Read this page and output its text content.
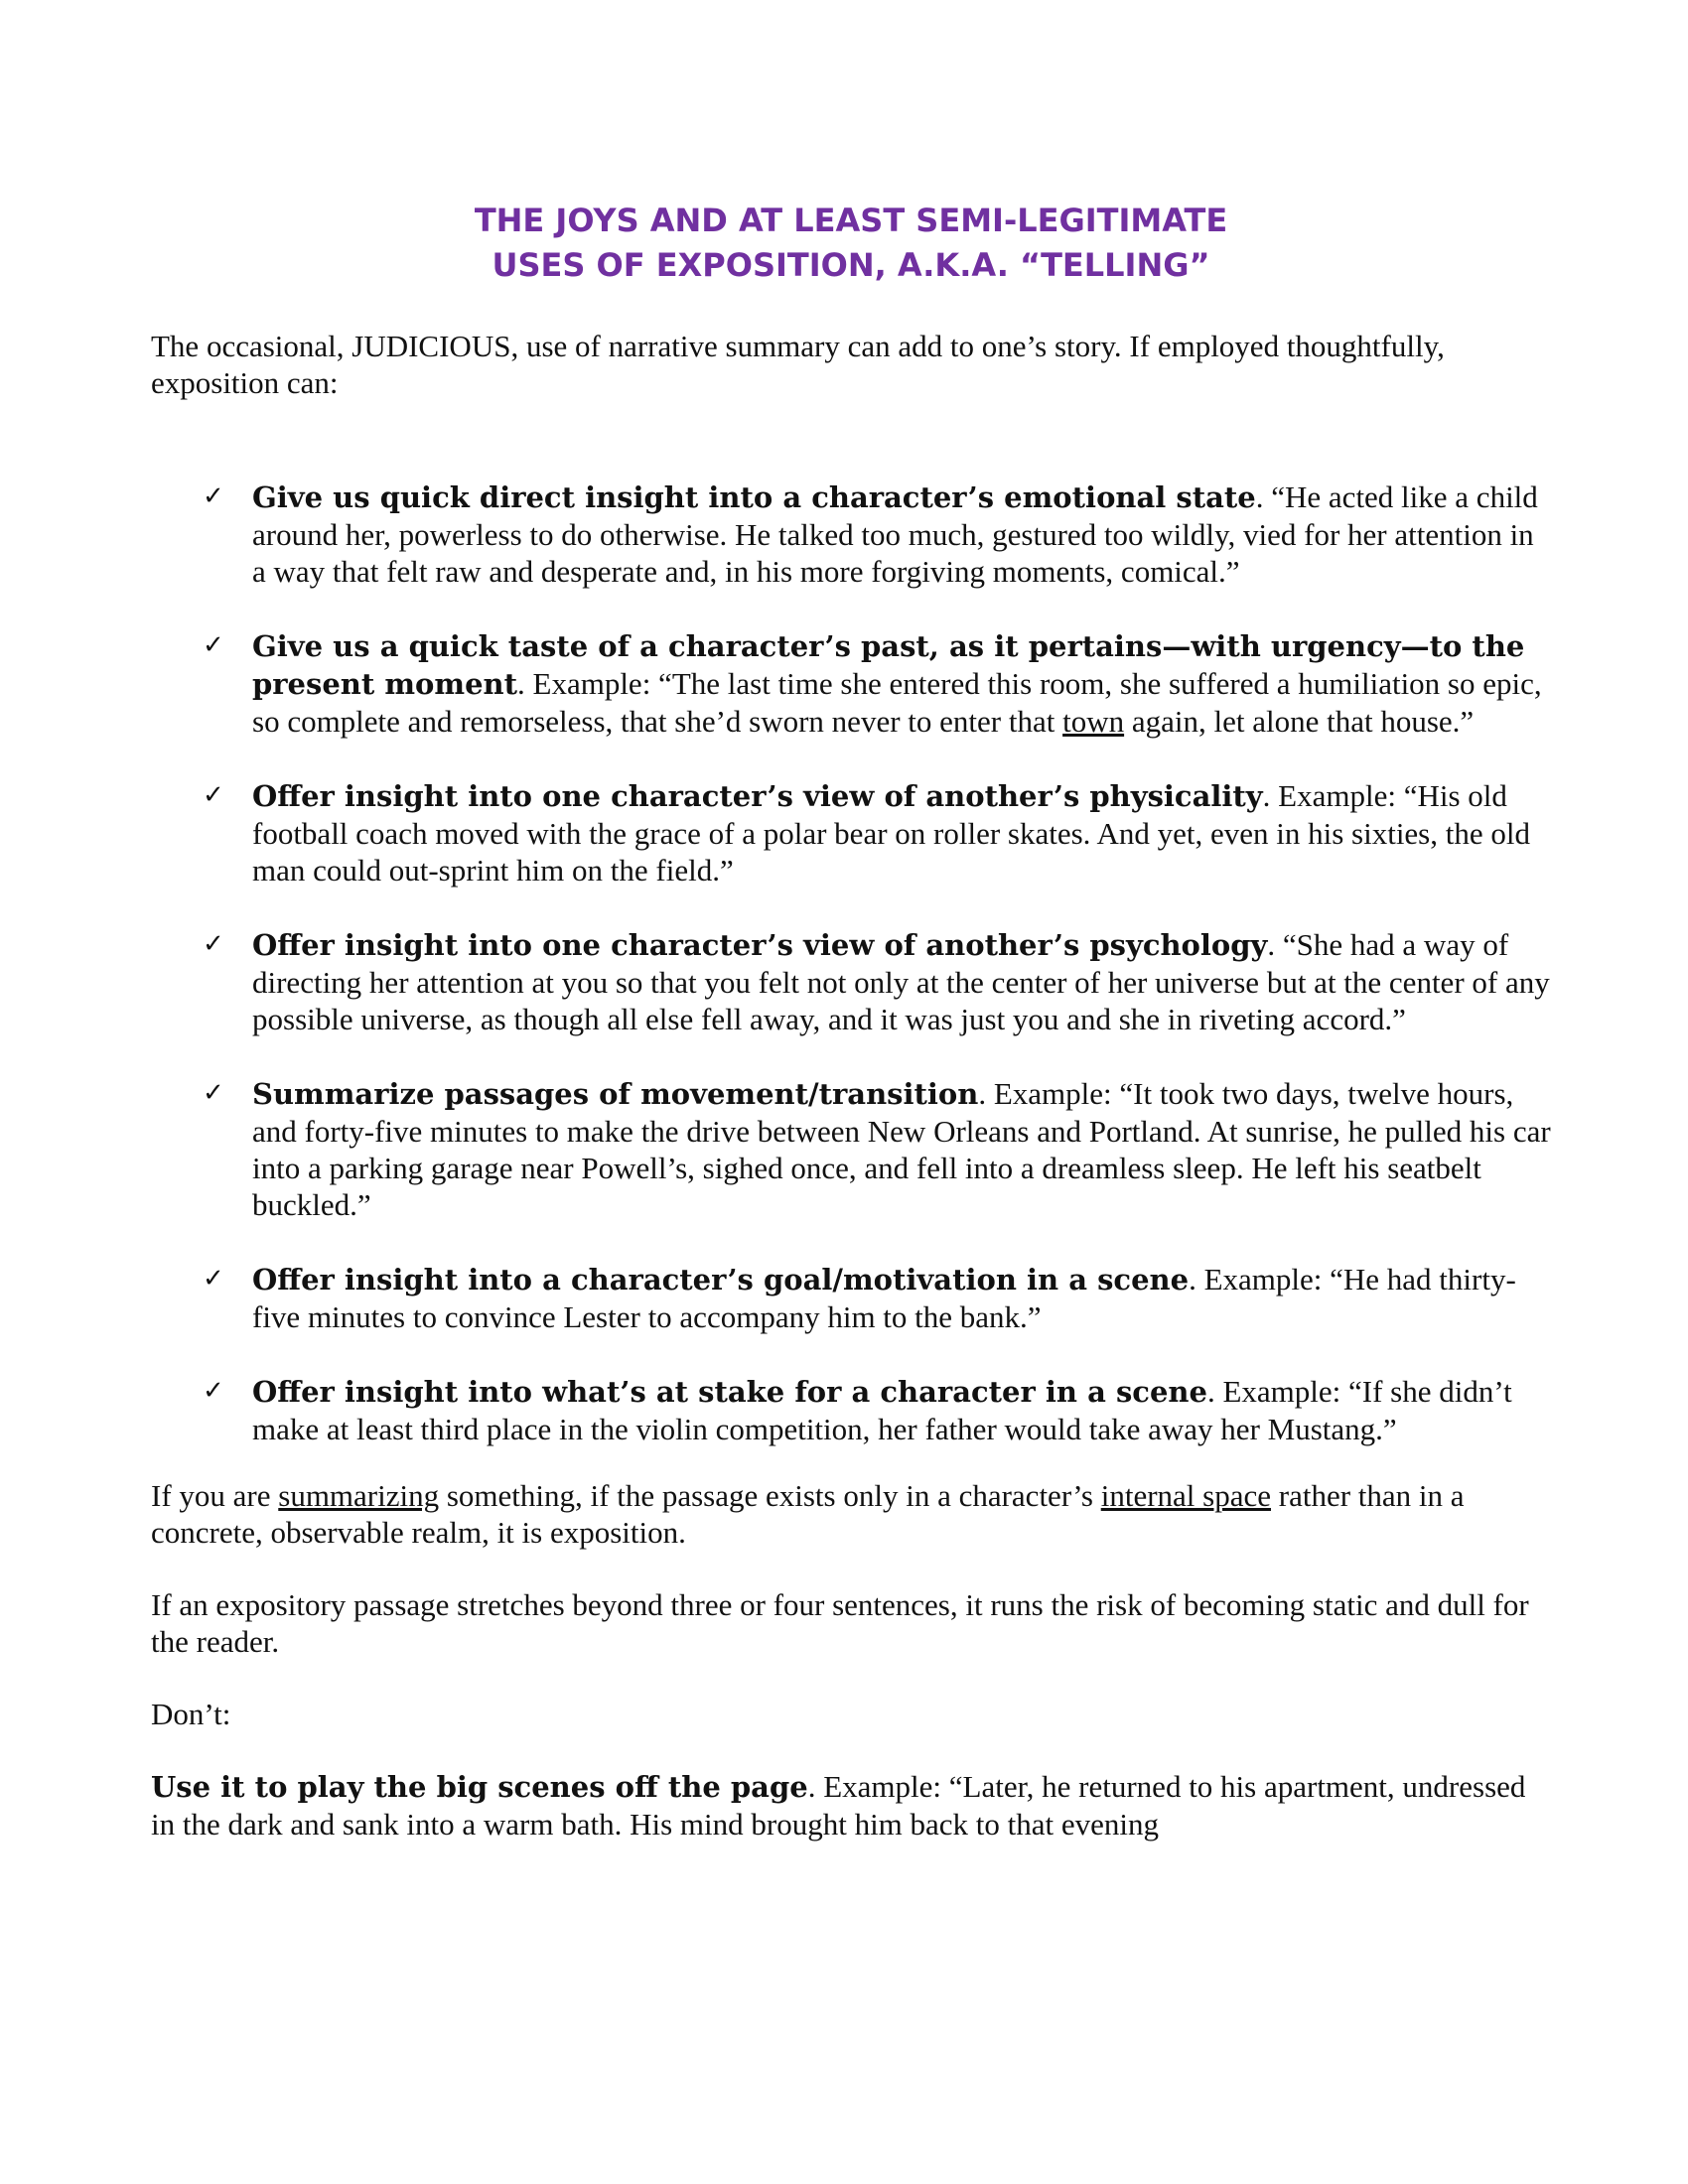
THE JOYS AND AT LEAST SEMI-LEGITIMATE
USES OF EXPOSITION, A.K.A. “TELLING”

The occasional, JUDICIOUS, use of narrative summary can add to one’s story. If employed thoughtfully, exposition can:

✓ Give us quick direct insight into a character’s emotional state. “He acted like a child around her, powerless to do otherwise. He talked too much, gestured too wildly, vied for her attention in a way that felt raw and desperate and, in his more forgiving moments, comical.”
✓ Give us a quick taste of a character’s past, as it pertains—with urgency—to the present moment. Example: “The last time she entered this room, she suffered a humiliation so epic, so complete and remorseless, that she’d sworn never to enter that town again, let alone that house.”
✓ Offer insight into one character’s view of another’s physicality. Example: “His old football coach moved with the grace of a polar bear on roller skates. And yet, even in his sixties, the old man could out-sprint him on the field.”
✓ Offer insight into one character’s view of another’s psychology. “She had a way of directing her attention at you so that you felt not only at the center of her universe but at the center of any possible universe, as though all else fell away, and it was just you and she in riveting accord.”
✓ Summarize passages of movement/transition. Example: “It took two days, twelve hours, and forty-five minutes to make the drive between New Orleans and Portland. At sunrise, he pulled his car into a parking garage near Powell’s, sighed once, and fell into a dreamless sleep. He left his seatbelt buckled.”
✓ Offer insight into a character’s goal/motivation in a scene. Example: “He had thirty-five minutes to convince Lester to accompany him to the bank.”
✓ Offer insight into what’s at stake for a character in a scene. Example: “If she didn’t make at least third place in the violin competition, her father would take away her Mustang.”

If you are summarizing something, if the passage exists only in a character’s internal space rather than in a concrete, observable realm, it is exposition.

If an expository passage stretches beyond three or four sentences, it runs the risk of becoming static and dull for the reader.

Don’t:

Use it to play the big scenes off the page. Example: “Later, he returned to his apartment, undressed in the dark and sank into a warm bath. His mind brought him back to that evening
